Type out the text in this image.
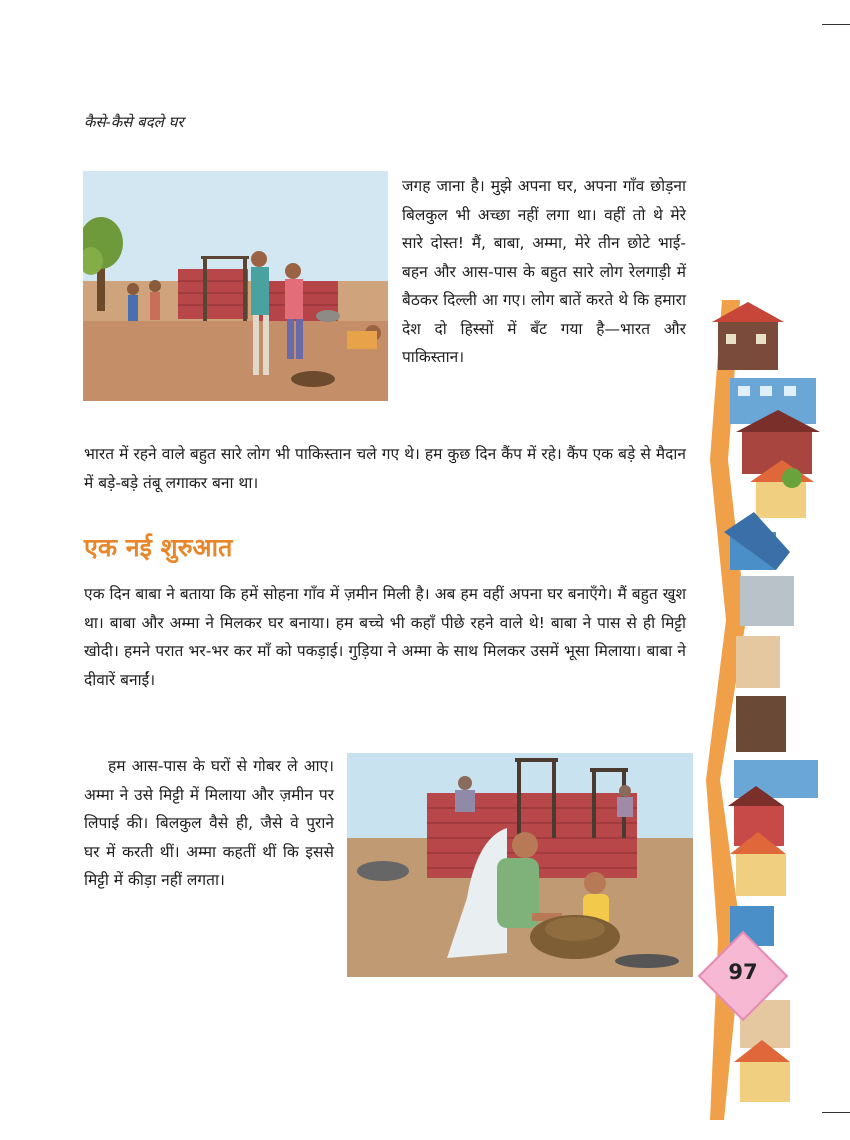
कैसे-कैसे बदले घर

जगह जाना है। मुझे अपना घर, अपना गाँव छोड़ना बिलकुल भी अच्छा नहीं लगा था। वहीं तो थे मेरे सारे दोस्त! मैं, बाबा, अम्मा, मेरे तीन छोटे भाई-बहन और आस-पास के बहुत सारे लोग रेलगाड़ी में बैठकर दिल्ली आ गए। लोग बातें करते थे कि हमारा देश दो हिस्सों में बँट गया है—भारत और पाकिस्तान।

भारत में रहने वाले बहुत सारे लोग भी पाकिस्तान चले गए थे। हम कुछ दिन कैंप में रहे। कैंप एक बड़े से मैदान में बड़े-बड़े तंबू लगाकर बना था।

एक नई शुरुआत

एक दिन बाबा ने बताया कि हमें सोहना गाँव में ज़मीन मिली है। अब हम वहीं अपना घर बनाएँगे। मैं बहुत खुश था। बाबा और अम्मा ने मिलकर घर बनाया। हम बच्चे भी कहाँ पीछे रहने वाले थे! बाबा ने पास से ही मिट्टी खोदी। हमने परात भर-भर कर माँ को पकड़ाई। गुड़िया ने अम्मा के साथ मिलकर उसमें भूसा मिलाया। बाबा ने दीवारें बनाईं।

हम आस-पास के घरों से गोबर ले आए। अम्मा ने उसे मिट्टी में मिलाया और ज़मीन पर लिपाई की। बिलकुल वैसे ही, जैसे वे पुराने घर में करती थीं। अम्मा कहतीं थीं कि इससे मिट्टी में कीड़ा नहीं लगता।

97
